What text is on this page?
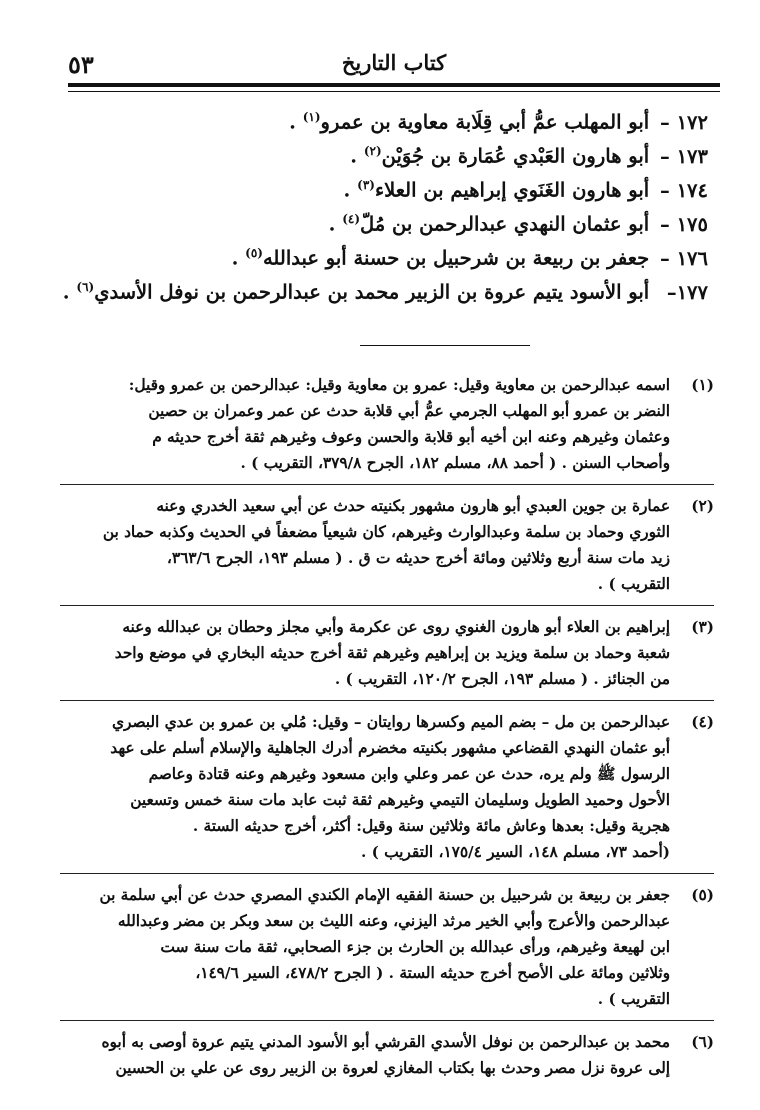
٥٣	كتاب التاريخ
١٧٢ – أبو المهلب عمُّ أبي قِلَابة معاوية بن عمرو$^{(١)}$ .
١٧٣ – أبو هارون العَبْدي عُمَارة بن جُوَيْن$^{(٢)}$ .
١٧٤ – أبو هارون الغَنَوي إبراهيم بن العلاء$^{(٣)}$ .
١٧٥ – أبو عثمان النهدي عبدالرحمن بن مُلّ$^{(٤)}$ .
١٧٦ – جعفر بن ربيعة بن شرحبيل بن حسنة أبو عبدالله$^{(٥)}$ .
١٧٧– أبو الأسود يتيم عروة بن الزبير محمد بن عبدالرحمن بن نوفل الأسدي$^{(٦)}$ .
(١)
اسمه عبدالرحمن بن معاوية وقيل: عمرو بن معاوية وقيل: عبدالرحمن بن عمرو وقيل:
النضر بن عمرو أبو المهلب الجرمي عمُّ أبي قلابة حدث عن عمر وعمران بن حصين
وعثمان وغيرهم وعنه ابن أخيه أبو قلابة والحسن وعوف وغيرهم ثقة أخرج حديثه م
وأصحاب السنن . ( أحمد ٨٨، مسلم ١٨٢، الجرح ٣٧٩/٨، التقريب ) .
(٢)
عمارة بن جوين العبدي أبو هارون مشهور بكنيته حدث عن أبي سعيد الخدري وعنه
الثوري وحماد بن سلمة وعبدالوارث وغيرهم، كان شيعياً مضعفاً في الحديث وكذبه حماد بن
زيد مات سنة أربع وثلاثين ومائة أخرج حديثه ت ق . ( مسلم ١٩٣، الجرح ٣٦٣/٦،
التقريب ) .
(٣)
إبراهيم بن العلاء أبو هارون الغنوي روى عن عكرمة وأبي مجلز وحطان بن عبدالله وعنه
شعبة وحماد بن سلمة ويزيد بن إبراهيم وغيرهم ثقة أخرج حديثه البخاري في موضع واحد
من الجنائز . ( مسلم ١٩٣، الجرح ١٢٠/٢، التقريب ) .
(٤)
عبدالرحمن بن مل – بضم الميم وكسرها روايتان – وقيل: مُلي بن عمرو بن عدي البصري
أبو عثمان النهدي القضاعي مشهور بكنيته مخضرم أدرك الجاهلية والإسلام أسلم على عهد
الرسول ﷺ ولم يره، حدث عن عمر وعلي وابن مسعود وغيرهم وعنه قتادة وعاصم
الأحول وحميد الطويل وسليمان التيمي وغيرهم ثقة ثبت عابد مات سنة خمس وتسعين
هجرية وقيل: بعدها وعاش مائة وثلاثين سنة وقيل: أكثر، أخرج حديثه الستة .
(أحمد ٧٣، مسلم ١٤٨، السير ١٧٥/٤، التقريب ) .
(٥)
جعفر بن ربيعة بن شرحبيل بن حسنة الفقيه الإمام الكندي المصري حدث عن أبي سلمة بن
عبدالرحمن والأعرج وأبي الخير مرثد اليزني، وعنه الليث بن سعد وبكر بن مضر وعبدالله
ابن لهيعة وغيرهم، ورأى عبدالله بن الحارث بن جزء الصحابي، ثقة مات سنة ست
وثلاثين ومائة على الأصح أخرج حديثه الستة . ( الجرح ٤٧٨/٢، السير ١٤٩/٦،
التقريب ) .
(٦)
محمد بن عبدالرحمن بن نوفل الأسدي القرشي أبو الأسود المدني يتيم عروة أوصى به أبوه
إلى عروة نزل مصر وحدث بها بكتاب المغازي لعروة بن الزبير روى عن علي بن الحسين
